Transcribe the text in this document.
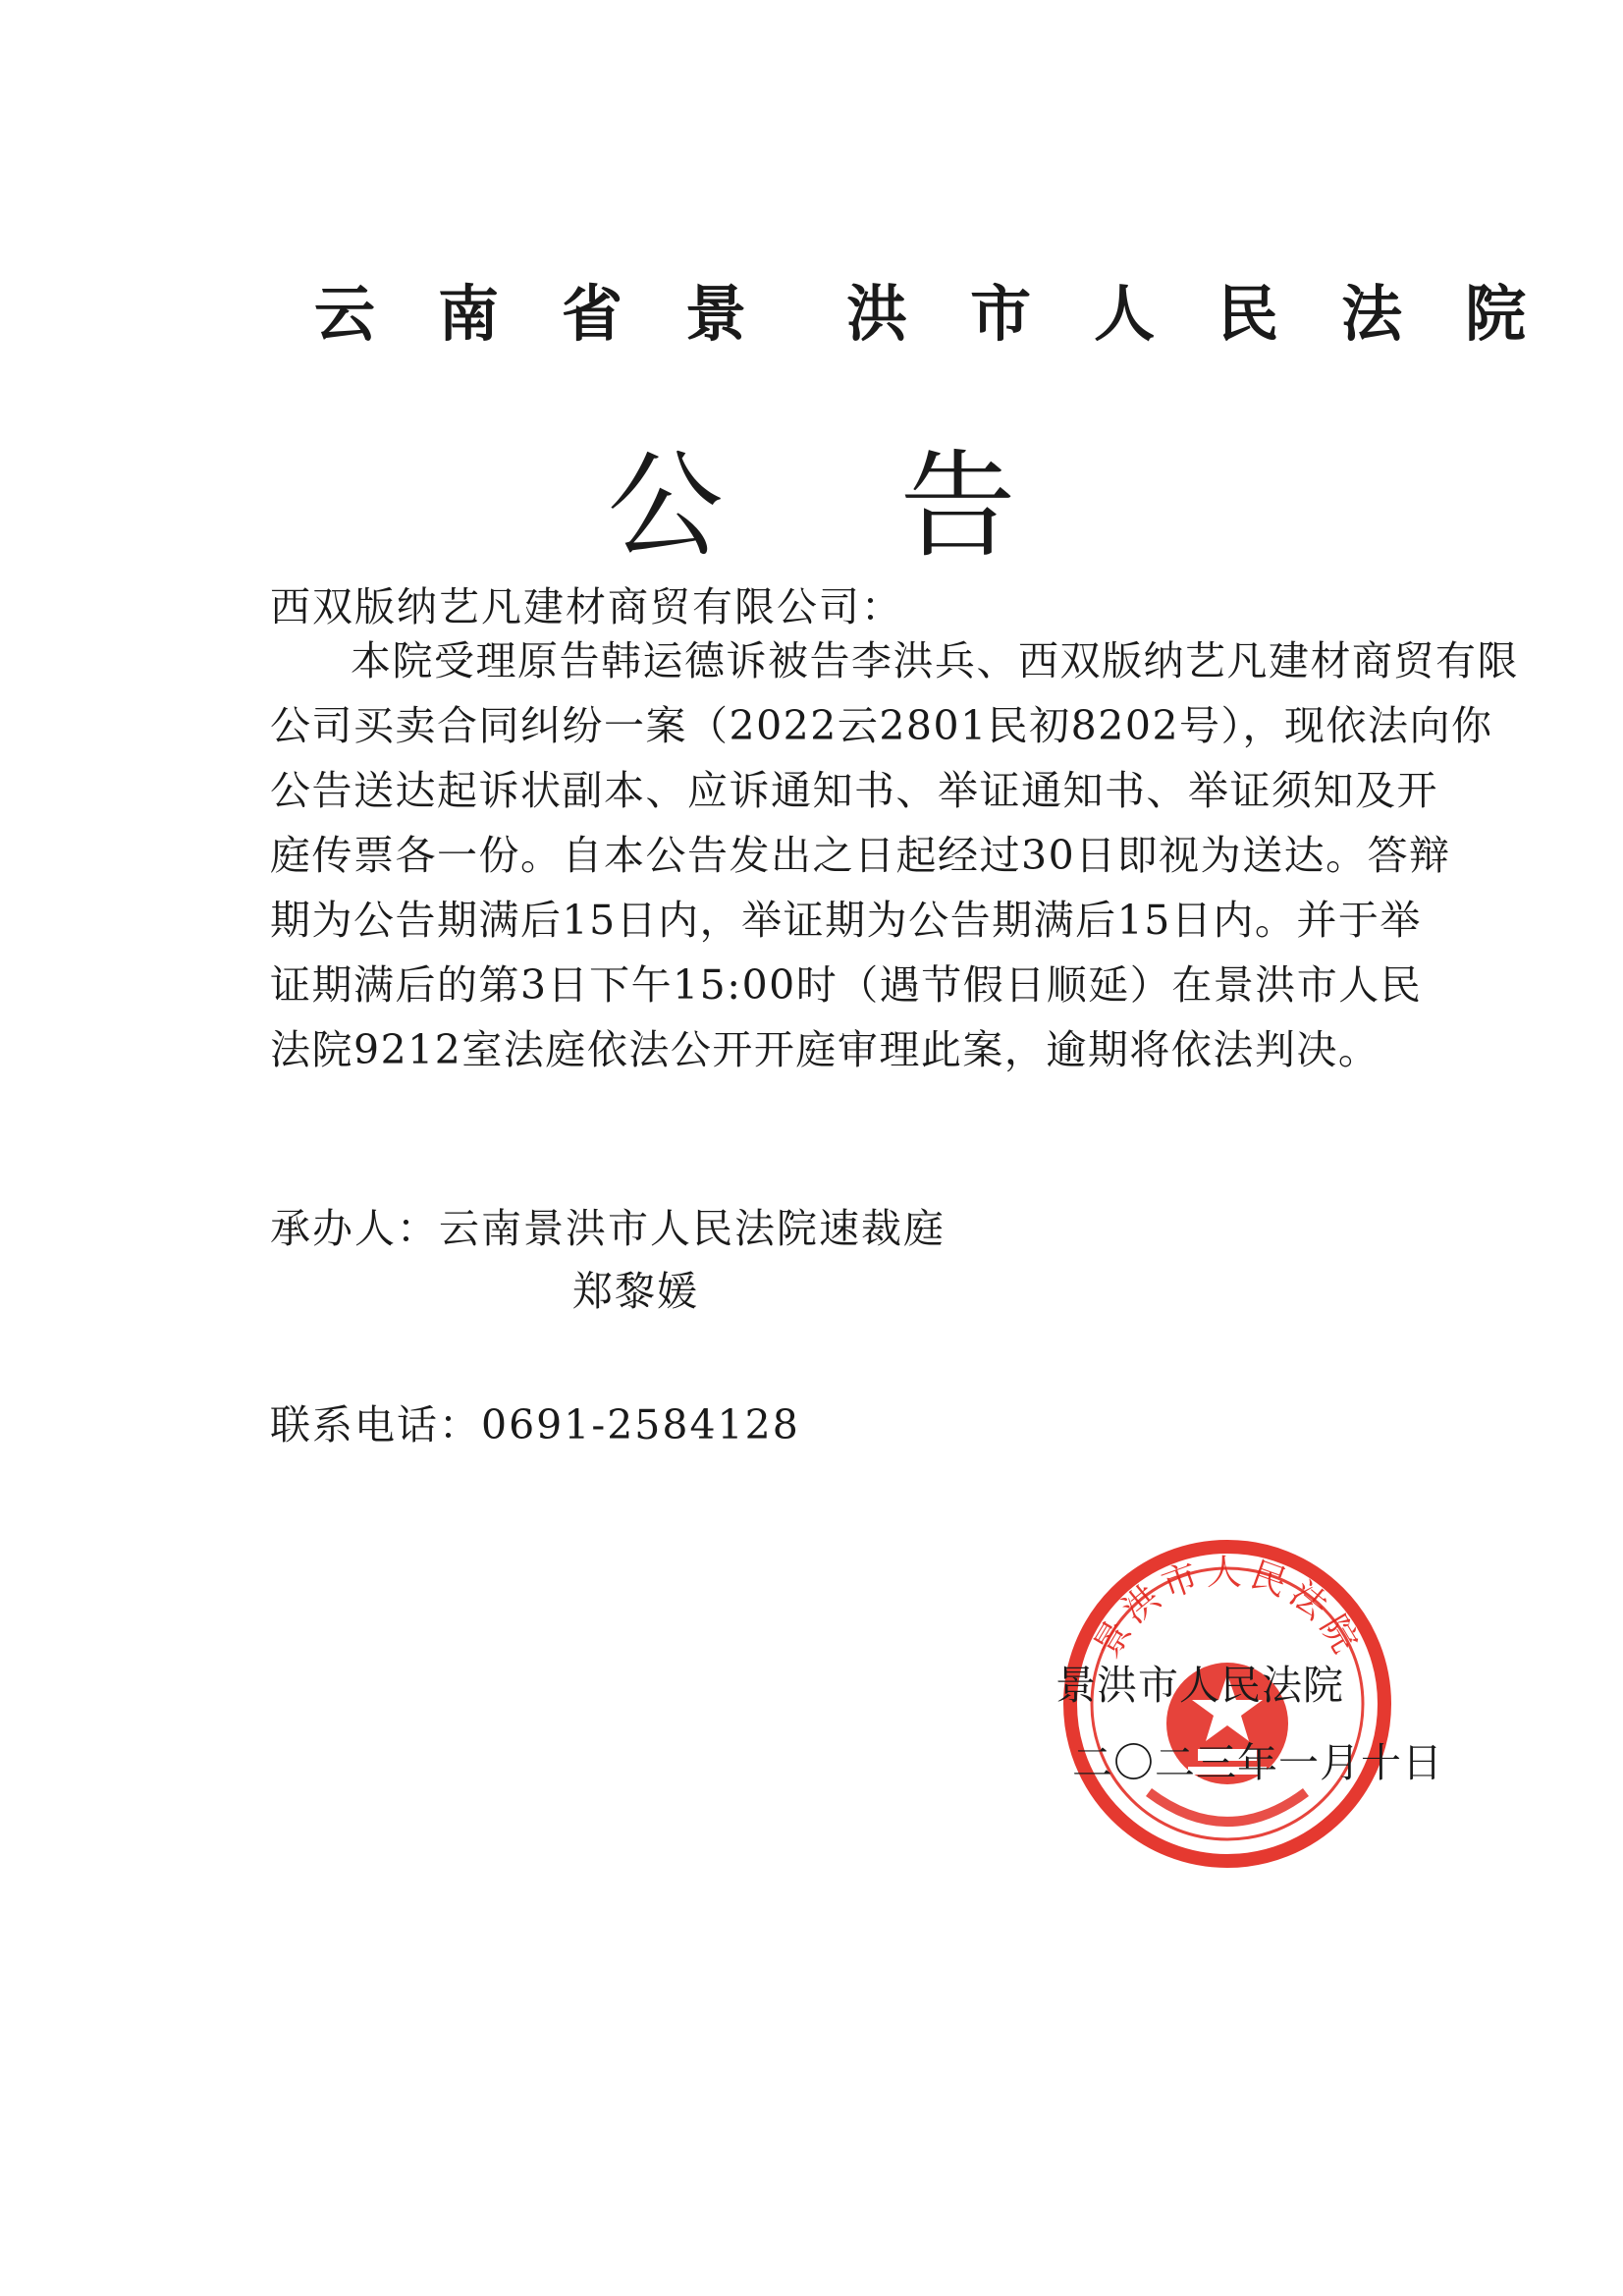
云 南 省 景 洪 市 人 民 法 院
公告
西双版纳艺凡建材商贸有限公司：
本院受理原告韩运德诉被告李洪兵、西双版纳艺凡建材商贸有限
公司买卖合同纠纷一案（2022云2801民初8202号），现依法向你
公告送达起诉状副本、应诉通知书、举证通知书、举证须知及开
庭传票各一份。自本公告发出之日起经过30日即视为送达。答辩
期为公告期满后15日内，举证期为公告期满后15日内。并于举
证期满后的第3日下午15:00时（遇节假日顺延）在景洪市人民
法院9212室法庭依法公开开庭审理此案，逾期将依法判决。
承办人：云南景洪市人民法院速裁庭
郑黎媛
联系电话：0691-2584128
景洪市人民法院
景洪市人民法院
二〇二三年一月十日
